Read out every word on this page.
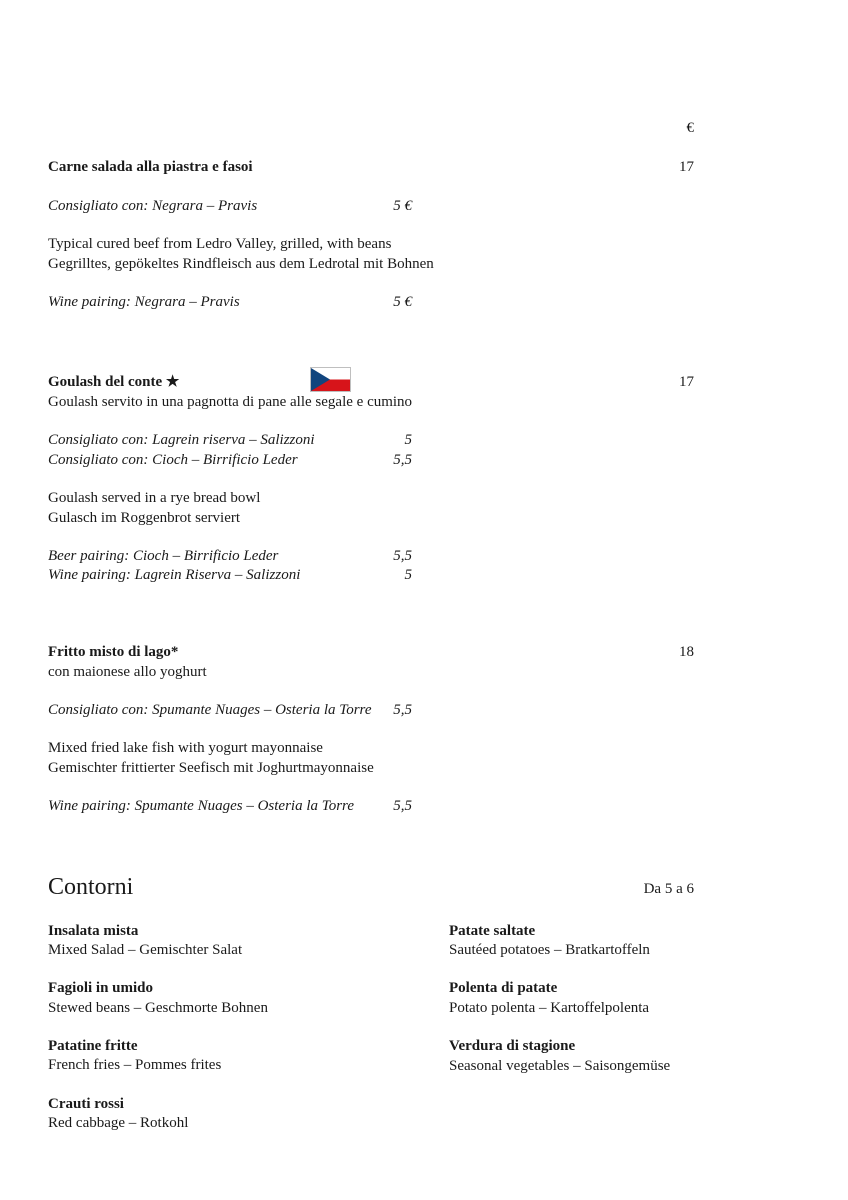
€
Carne salada alla piastra e fasoi	17
Consigliato con: Negrara – Pravis	5 €
Typical cured beef from Ledro Valley, grilled, with beans
Gegrilltes, gepökeltes Rindfleisch aus dem Ledrotal mit Bohnen
Wine pairing: Negrara – Pravis	5 €
Goulash del conte ★	17
Goulash servito in una pagnotta di pane alle segale e cumino
Consigliato con: Lagrein riserva – Salizzoni	5
Consigliato con: Cioch – Birrificio Leder	5,5
Goulash served in a rye bread bowl
Gulasch im Roggenbrot serviert
Beer pairing: Cioch – Birrificio Leder	5,5
Wine pairing: Lagrein Riserva – Salizzoni	5
Fritto misto di lago*	18
con maionese allo yoghurt
Consigliato con: Spumante Nuages – Osteria la Torre	5,5
Mixed fried lake fish with yogurt mayonnaise
Gemischter frittierter Seefisch mit Joghurtmayonnaise
Wine pairing: Spumante Nuages – Osteria la Torre	5,5
Contorni	Da 5 a 6
Insalata mista
Mixed Salad – Gemischter Salat
Patate saltate
Sautéed potatoes – Bratkartoffeln
Fagioli in umido
Stewed beans – Geschmorte Bohnen
Polenta di patate
Potato polenta – Kartoffelpolenta
Patatine fritte
French fries – Pommes frites
Verdura di stagione
Seasonal vegetables – Saisongemüse
Crauti rossi
Red cabbage – Rotkohl
